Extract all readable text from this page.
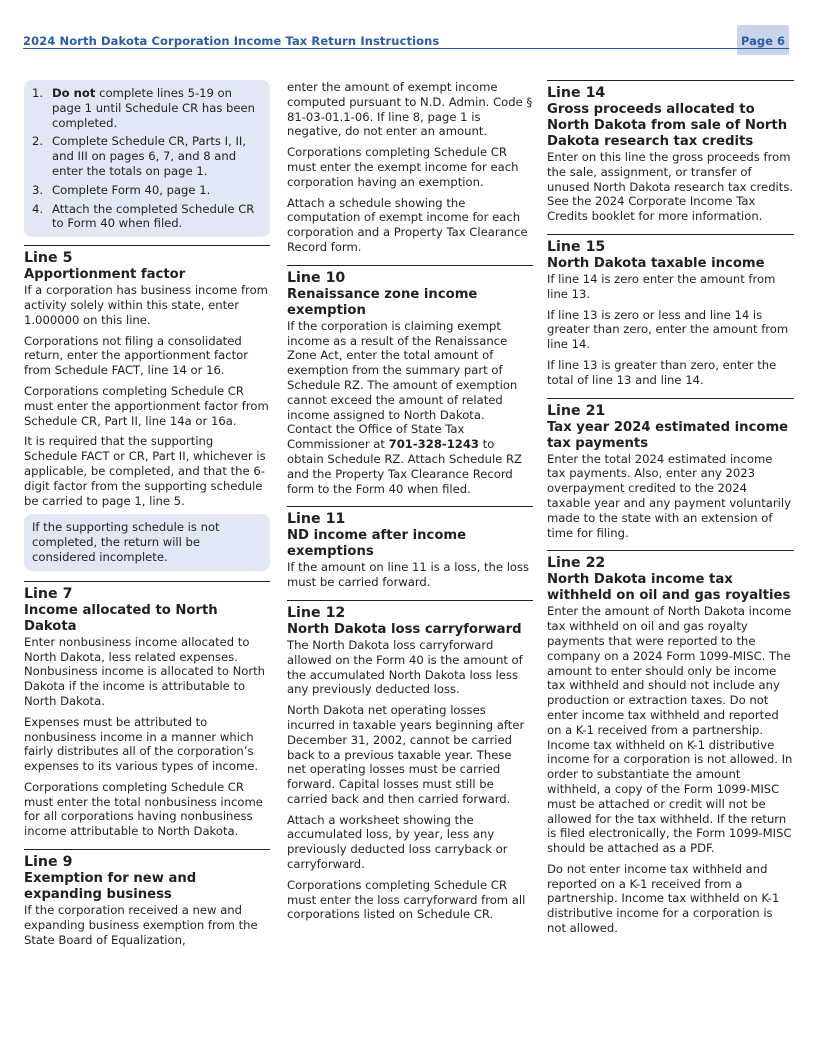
2024 North Dakota Corporation Income Tax Return Instructions	Page 6
1. Do not complete lines 5-19 on page 1 until Schedule CR has been completed.
2. Complete Schedule CR, Parts I, II, and III on pages 6, 7, and 8 and enter the totals on page 1.
3. Complete Form 40, page 1.
4. Attach the completed Schedule CR to Form 40 when filed.
Line 5
Apportionment factor

If a corporation has business income from activity solely within this state, enter 1.000000 on this line.

Corporations not filing a consolidated return, enter the apportionment factor from Schedule FACT, line 14 or 16.

Corporations completing Schedule CR must enter the apportionment factor from Schedule CR, Part II, line 14a or 16a.

It is required that the supporting Schedule FACT or CR, Part II, whichever is applicable, be completed, and that the 6-digit factor from the supporting schedule be carried to page 1, line 5.

If the supporting schedule is not completed, the return will be considered incomplete.

Line 7
Income allocated to North Dakota

Enter nonbusiness income allocated to North Dakota, less related expenses. Nonbusiness income is allocated to North Dakota if the income is attributable to North Dakota.

Expenses must be attributed to nonbusiness income in a manner which fairly distributes all of the corporation’s expenses to its various types of income.

Corporations completing Schedule CR must enter the total nonbusiness income for all corporations having nonbusiness income attributable to North Dakota.

Line 9
Exemption for new and expanding business

If the corporation received a new and expanding business exemption from the State Board of Equalization,

enter the amount of exempt income computed pursuant to N.D. Admin. Code § 81-03-01.1-06. If line 8, page 1 is negative, do not enter an amount.

Corporations completing Schedule CR must enter the exempt income for each corporation having an exemption.

Attach a schedule showing the computation of exempt income for each corporation and a Property Tax Clearance Record form.

Line 10
Renaissance zone income exemption

If the corporation is claiming exempt income as a result of the Renaissance Zone Act, enter the total amount of exemption from the summary part of Schedule RZ. The amount of exemption cannot exceed the amount of related income assigned to North Dakota. Contact the Office of State Tax Commissioner at 701-328-1243 to obtain Schedule RZ. Attach Schedule RZ and the Property Tax Clearance Record form to the Form 40 when filed.

Line 11
ND income after income exemptions

If the amount on line 11 is a loss, the loss must be carried forward.

Line 12
North Dakota loss carryforward

The North Dakota loss carryforward allowed on the Form 40 is the amount of the accumulated North Dakota loss less any previously deducted loss.

North Dakota net operating losses incurred in taxable years beginning after December 31, 2002, cannot be carried back to a previous taxable year. These net operating losses must be carried forward. Capital losses must still be carried back and then carried forward.

Attach a worksheet showing the accumulated loss, by year, less any previously deducted loss carryback or carryforward.

Corporations completing Schedule CR must enter the loss carryforward from all corporations listed on Schedule CR.

Line 14
Gross proceeds allocated to North Dakota from sale of North Dakota research tax credits

Enter on this line the gross proceeds from the sale, assignment, or transfer of unused North Dakota research tax credits. See the 2024 Corporate Income Tax Credits booklet for more information.

Line 15
North Dakota taxable income

If line 14 is zero enter the amount from line 13.

If line 13 is zero or less and line 14 is greater than zero, enter the amount from line 14.

If line 13 is greater than zero, enter the total of line 13 and line 14.

Line 21
Tax year 2024 estimated income tax payments

Enter the total 2024 estimated income tax payments. Also, enter any 2023 overpayment credited to the 2024 taxable year and any payment voluntarily made to the state with an extension of time for filing.

Line 22
North Dakota income tax withheld on oil and gas royalties

Enter the amount of North Dakota income tax withheld on oil and gas royalty payments that were reported to the company on a 2024 Form 1099-MISC. The amount to enter should only be income tax withheld and should not include any production or extraction taxes. Do not enter income tax withheld and reported on a K-1 received from a partnership. Income tax withheld on K-1 distributive income for a corporation is not allowed. In order to substantiate the amount withheld, a copy of the Form 1099-MISC must be attached or credit will not be allowed for the tax withheld. If the return is filed electronically, the Form 1099-MISC should be attached as a PDF.

Do not enter income tax withheld and reported on a K-1 received from a partnership. Income tax withheld on K-1 distributive income for a corporation is not allowed.
